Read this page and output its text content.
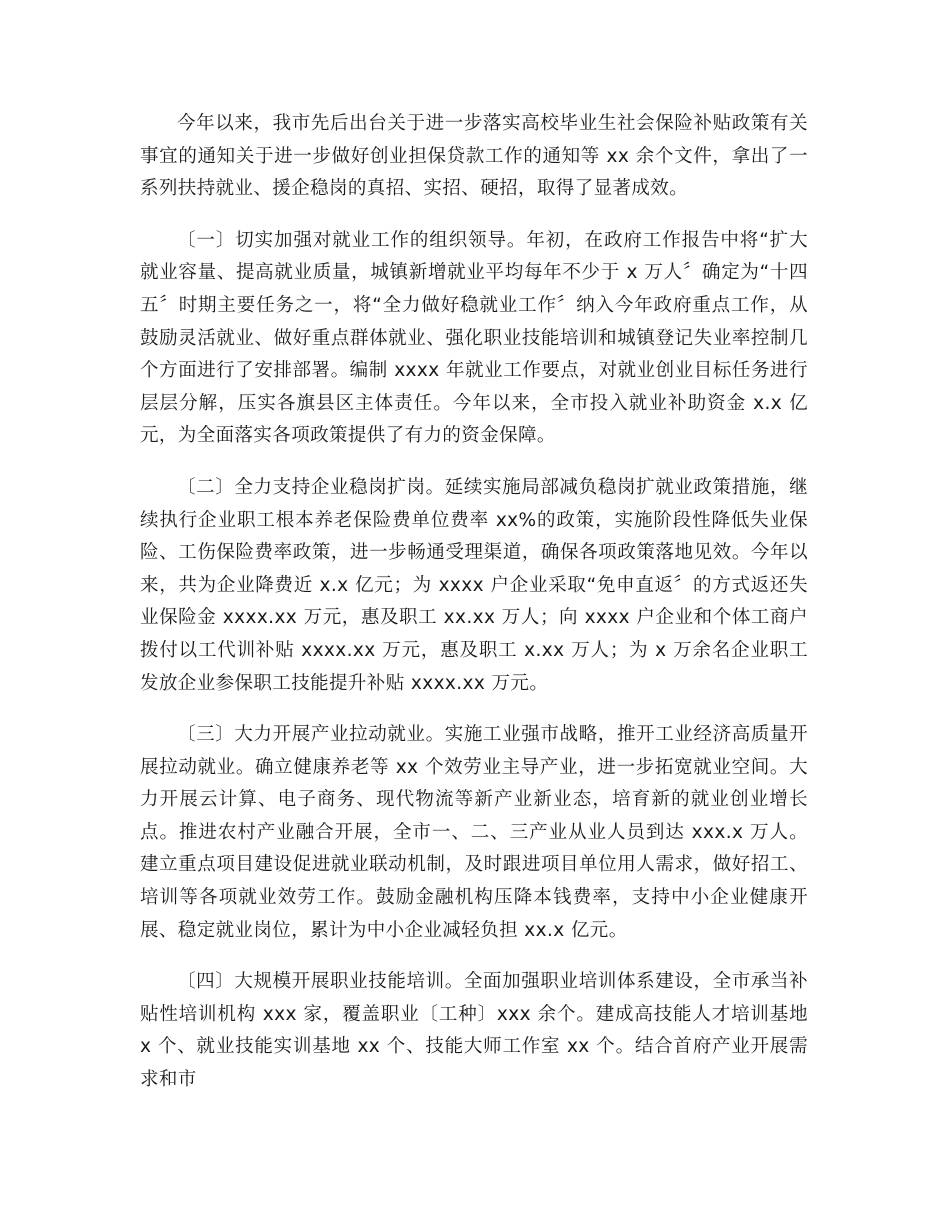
今年以来，我市先后出台关于进一步落实高校毕业生社会保险补贴政策有关事宜的通知关于进一步做好创业担保贷款工作的通知等 xx 余个文件，拿出了一系列扶持就业、援企稳岗的真招、实招、硬招，取得了显著成效。

〔一〕切实加强对就业工作的组织领导。年初，在政府工作报告中将“扩大就业容量、提高就业质量，城镇新增就业平均每年不少于 x 万人〞确定为“十四五〞时期主要任务之一，将“全力做好稳就业工作〞纳入今年政府重点工作，从鼓励灵活就业、做好重点群体就业、强化职业技能培训和城镇登记失业率控制几个方面进行了安排部署。编制 xxxx 年就业工作要点，对就业创业目标任务进行层层分解，压实各旗县区主体责任。今年以来，全市投入就业补助资金 x.x 亿元，为全面落实各项政策提供了有力的资金保障。

〔二〕全力支持企业稳岗扩岗。延续实施局部减负稳岗扩就业政策措施，继续执行企业职工根本养老保险费单位费率 xx%的政策，实施阶段性降低失业保险、工伤保险费率政策，进一步畅通受理渠道，确保各项政策落地见效。今年以来，共为企业降费近 x.x 亿元；为 xxxx 户企业采取“免申直返〞的方式返还失业保险金 xxxx.xx 万元，惠及职工 xx.xx 万人；向 xxxx 户企业和个体工商户拨付以工代训补贴 xxxx.xx 万元，惠及职工 x.xx 万人；为 x 万余名企业职工发放企业参保职工技能提升补贴 xxxx.xx 万元。

〔三〕大力开展产业拉动就业。实施工业强市战略，推开工业经济高质量开展拉动就业。确立健康养老等 xx 个效劳业主导产业，进一步拓宽就业空间。大力开展云计算、电子商务、现代物流等新产业新业态，培育新的就业创业增长点。推进农村产业融合开展，全市一、二、三产业从业人员到达 xxx.x 万人。建立重点项目建设促进就业联动机制，及时跟进项目单位用人需求，做好招工、培训等各项就业效劳工作。鼓励金融机构压降本钱费率，支持中小企业健康开展、稳定就业岗位，累计为中小企业减轻负担 xx.x 亿元。

〔四〕大规模开展职业技能培训。全面加强职业培训体系建设，全市承当补贴性培训机构 xxx 家，覆盖职业〔工种〕xxx 余个。建成高技能人才培训基地 x 个、就业技能实训基地 xx 个、技能大师工作室 xx 个。结合首府产业开展需求和市
